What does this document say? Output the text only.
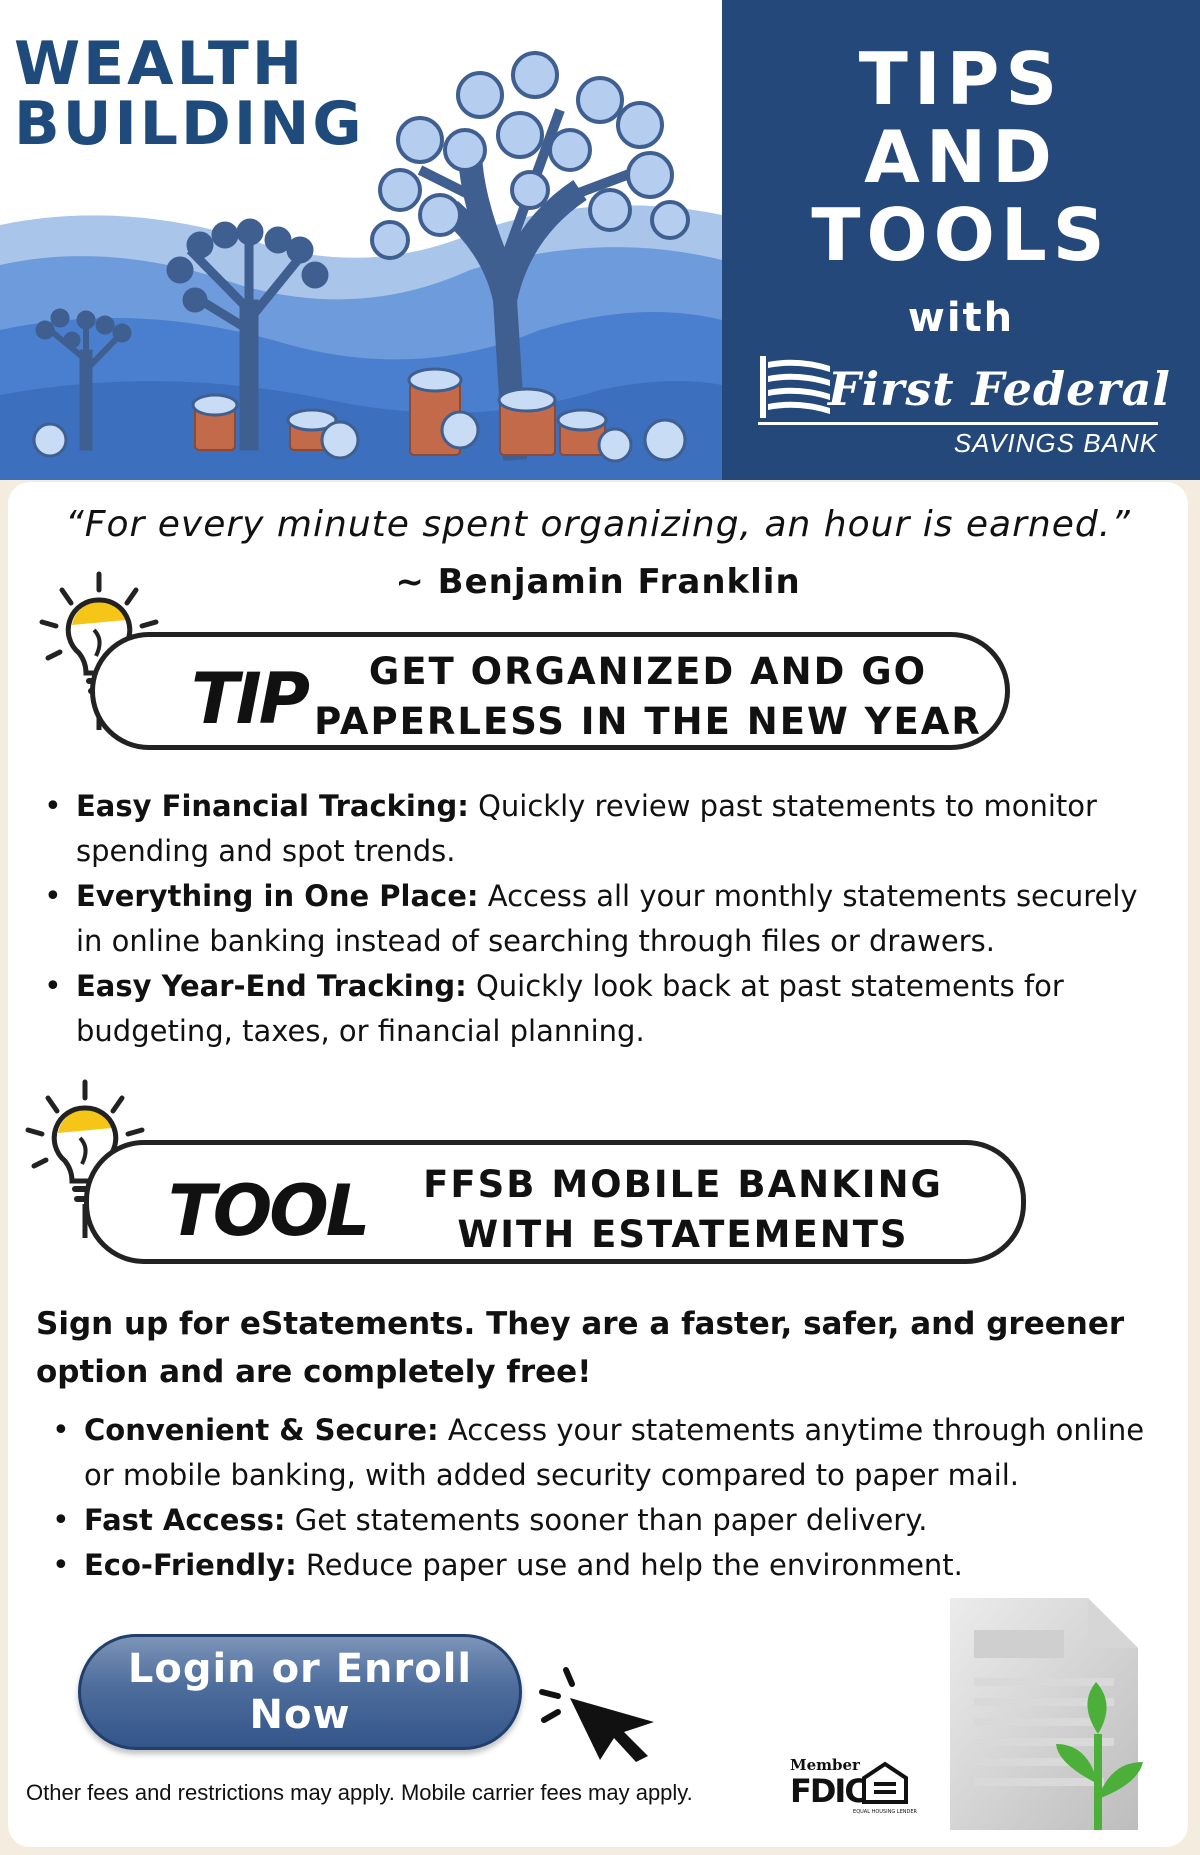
WEALTH
BUILDING
TIPS
AND
TOOLS
with
First Federal
SAVINGS BANK
“For every minute spent organizing, an hour is earned.”
~ Benjamin Franklin
TIP	GET ORGANIZED AND GO
PAPERLESS IN THE NEW YEAR
• Easy Financial Tracking: Quickly review past statements to monitor spending and spot trends.
• Everything in One Place: Access all your monthly statements securely in online banking instead of searching through files or drawers.
• Easy Year-End Tracking: Quickly look back at past statements for budgeting, taxes, or financial planning.
TOOL	FFSB MOBILE BANKING
WITH ESTATEMENTS
Sign up for eStatements. They are a faster, safer, and greener option and are completely free!
• Convenient & Secure: Access your statements anytime through online or mobile banking, with added security compared to paper mail.
• Fast Access: Get statements sooner than paper delivery.
• Eco-Friendly: Reduce paper use and help the environment.
Login or Enroll Now
Other fees and restrictions may apply. Mobile carrier fees may apply.
Member
FDIC
EQUAL HOUSING LENDER
